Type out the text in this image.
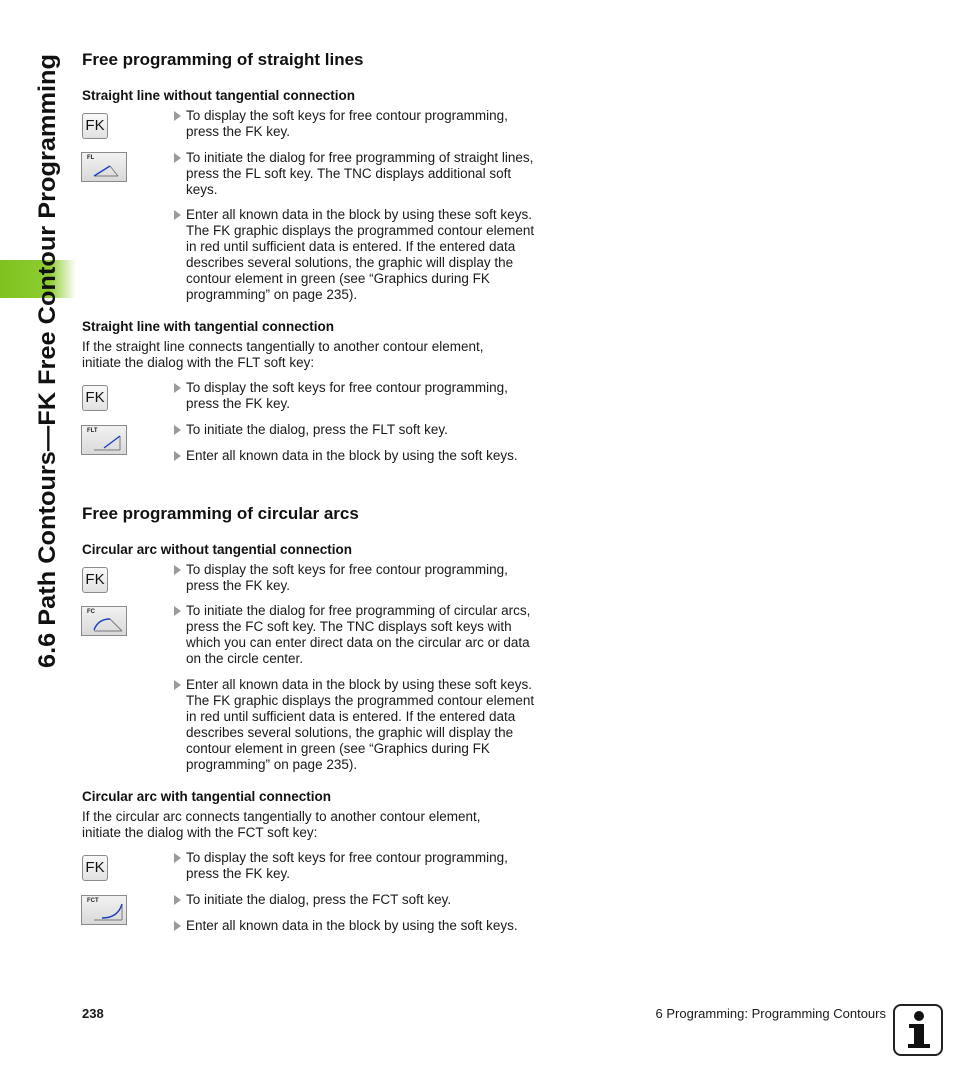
6.6 Path Contours—FK Free Contour Programming
Free programming of straight lines
Straight line without tangential connection
FK
To display the soft keys for free contour programming, press the FK key.
FL	To initiate the dialog for free programming of straight lines, press the FL soft key. The TNC displays additional soft keys.
Enter all known data in the block by using these soft keys. The FK graphic displays the programmed contour element in red until sufficient data is entered. If the entered data describes several solutions, the graphic will display the contour element in green (see “Graphics during FK programming” on page 235).
Straight line with tangential connection

If the straight line connects tangentially to another contour element, initiate the dialog with the FLT soft key:

FK
To display the soft keys for free contour programming, press the FK key.
FLT	To initiate the dialog, press the FLT soft key.
Enter all known data in the block by using the soft keys.
Free programming of circular arcs
Circular arc without tangential connection
FK
To display the soft keys for free contour programming, press the FK key.
FC	To initiate the dialog for free programming of circular arcs, press the FC soft key. The TNC displays soft keys with which you can enter direct data on the circular arc or data on the circle center.
Enter all known data in the block by using these soft keys. The FK graphic displays the programmed contour element in red until sufficient data is entered. If the entered data describes several solutions, the graphic will display the contour element in green (see “Graphics during FK programming” on page 235).
Circular arc with tangential connection

If the circular arc connects tangentially to another contour element, initiate the dialog with the FCT soft key:

FK
To display the soft keys for free contour programming, press the FK key.
FCT	To initiate the dialog, press the FCT soft key.
Enter all known data in the block by using the soft keys.
238	6 Programming: Programming Contours
